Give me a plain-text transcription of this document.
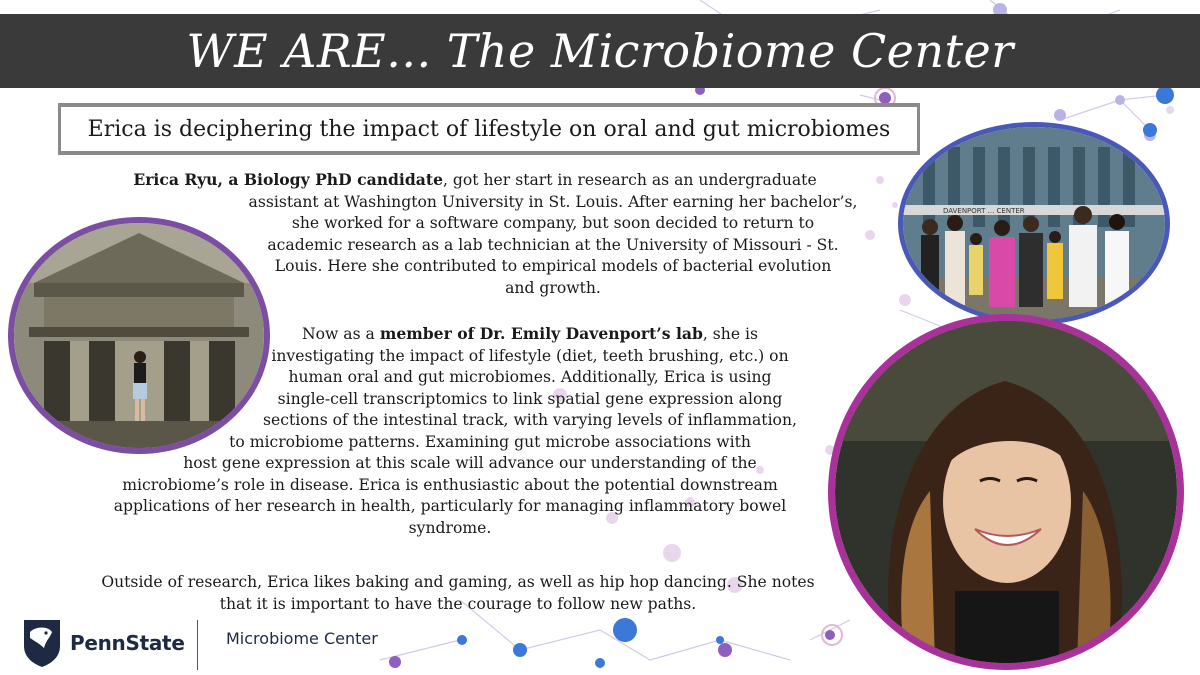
WE ARE... The Microbiome Center
Erica is deciphering the impact of lifestyle on oral and gut microbiomes
Erica Ryu, a Biology PhD candidate, got her start in research as an undergraduate
assistant at Washington University in St. Louis. After earning her bachelor’s,
she worked for a software company, but soon decided to return to
academic research as a lab technician at the University of Missouri - St.
Louis. Here she contributed to empirical models of bacterial evolution
and growth.
Now as a member of Dr. Emily Davenport’s lab, she is
investigating the impact of lifestyle (diet, teeth brushing, etc.) on
human oral and gut microbiomes. Additionally, Erica is using
single-cell transcriptomics to link spatial gene expression along
sections of the intestinal track, with varying levels of inflammation,
to microbiome patterns. Examining gut microbe associations with
host gene expression at this scale will advance our understanding of the
microbiome’s role in disease. Erica is enthusiastic about the potential downstream
applications of her research in health, particularly for managing inflammatory bowel
syndrome.
Outside of research, Erica likes baking and gaming, as well as hip hop dancing. She notes
that it is important to have the courage to follow new paths.
DAVENPORT ... CENTER
PennState	Microbiome Center
